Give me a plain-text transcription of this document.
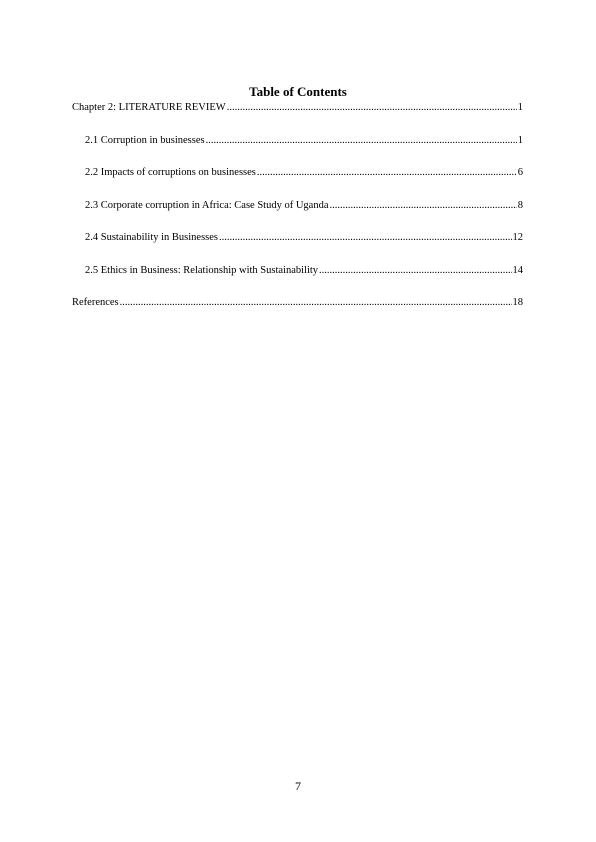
Table of Contents
Chapter 2: LITERATURE REVIEW .....	1
2.1 Corruption in businesses .....	1
2.2 Impacts of corruptions on businesses .....	6
2.3 Corporate corruption in Africa: Case Study of Uganda .....	8
2.4 Sustainability in Businesses .....	12
2.5 Ethics in Business: Relationship with Sustainability .....	14
References .....	18
7
